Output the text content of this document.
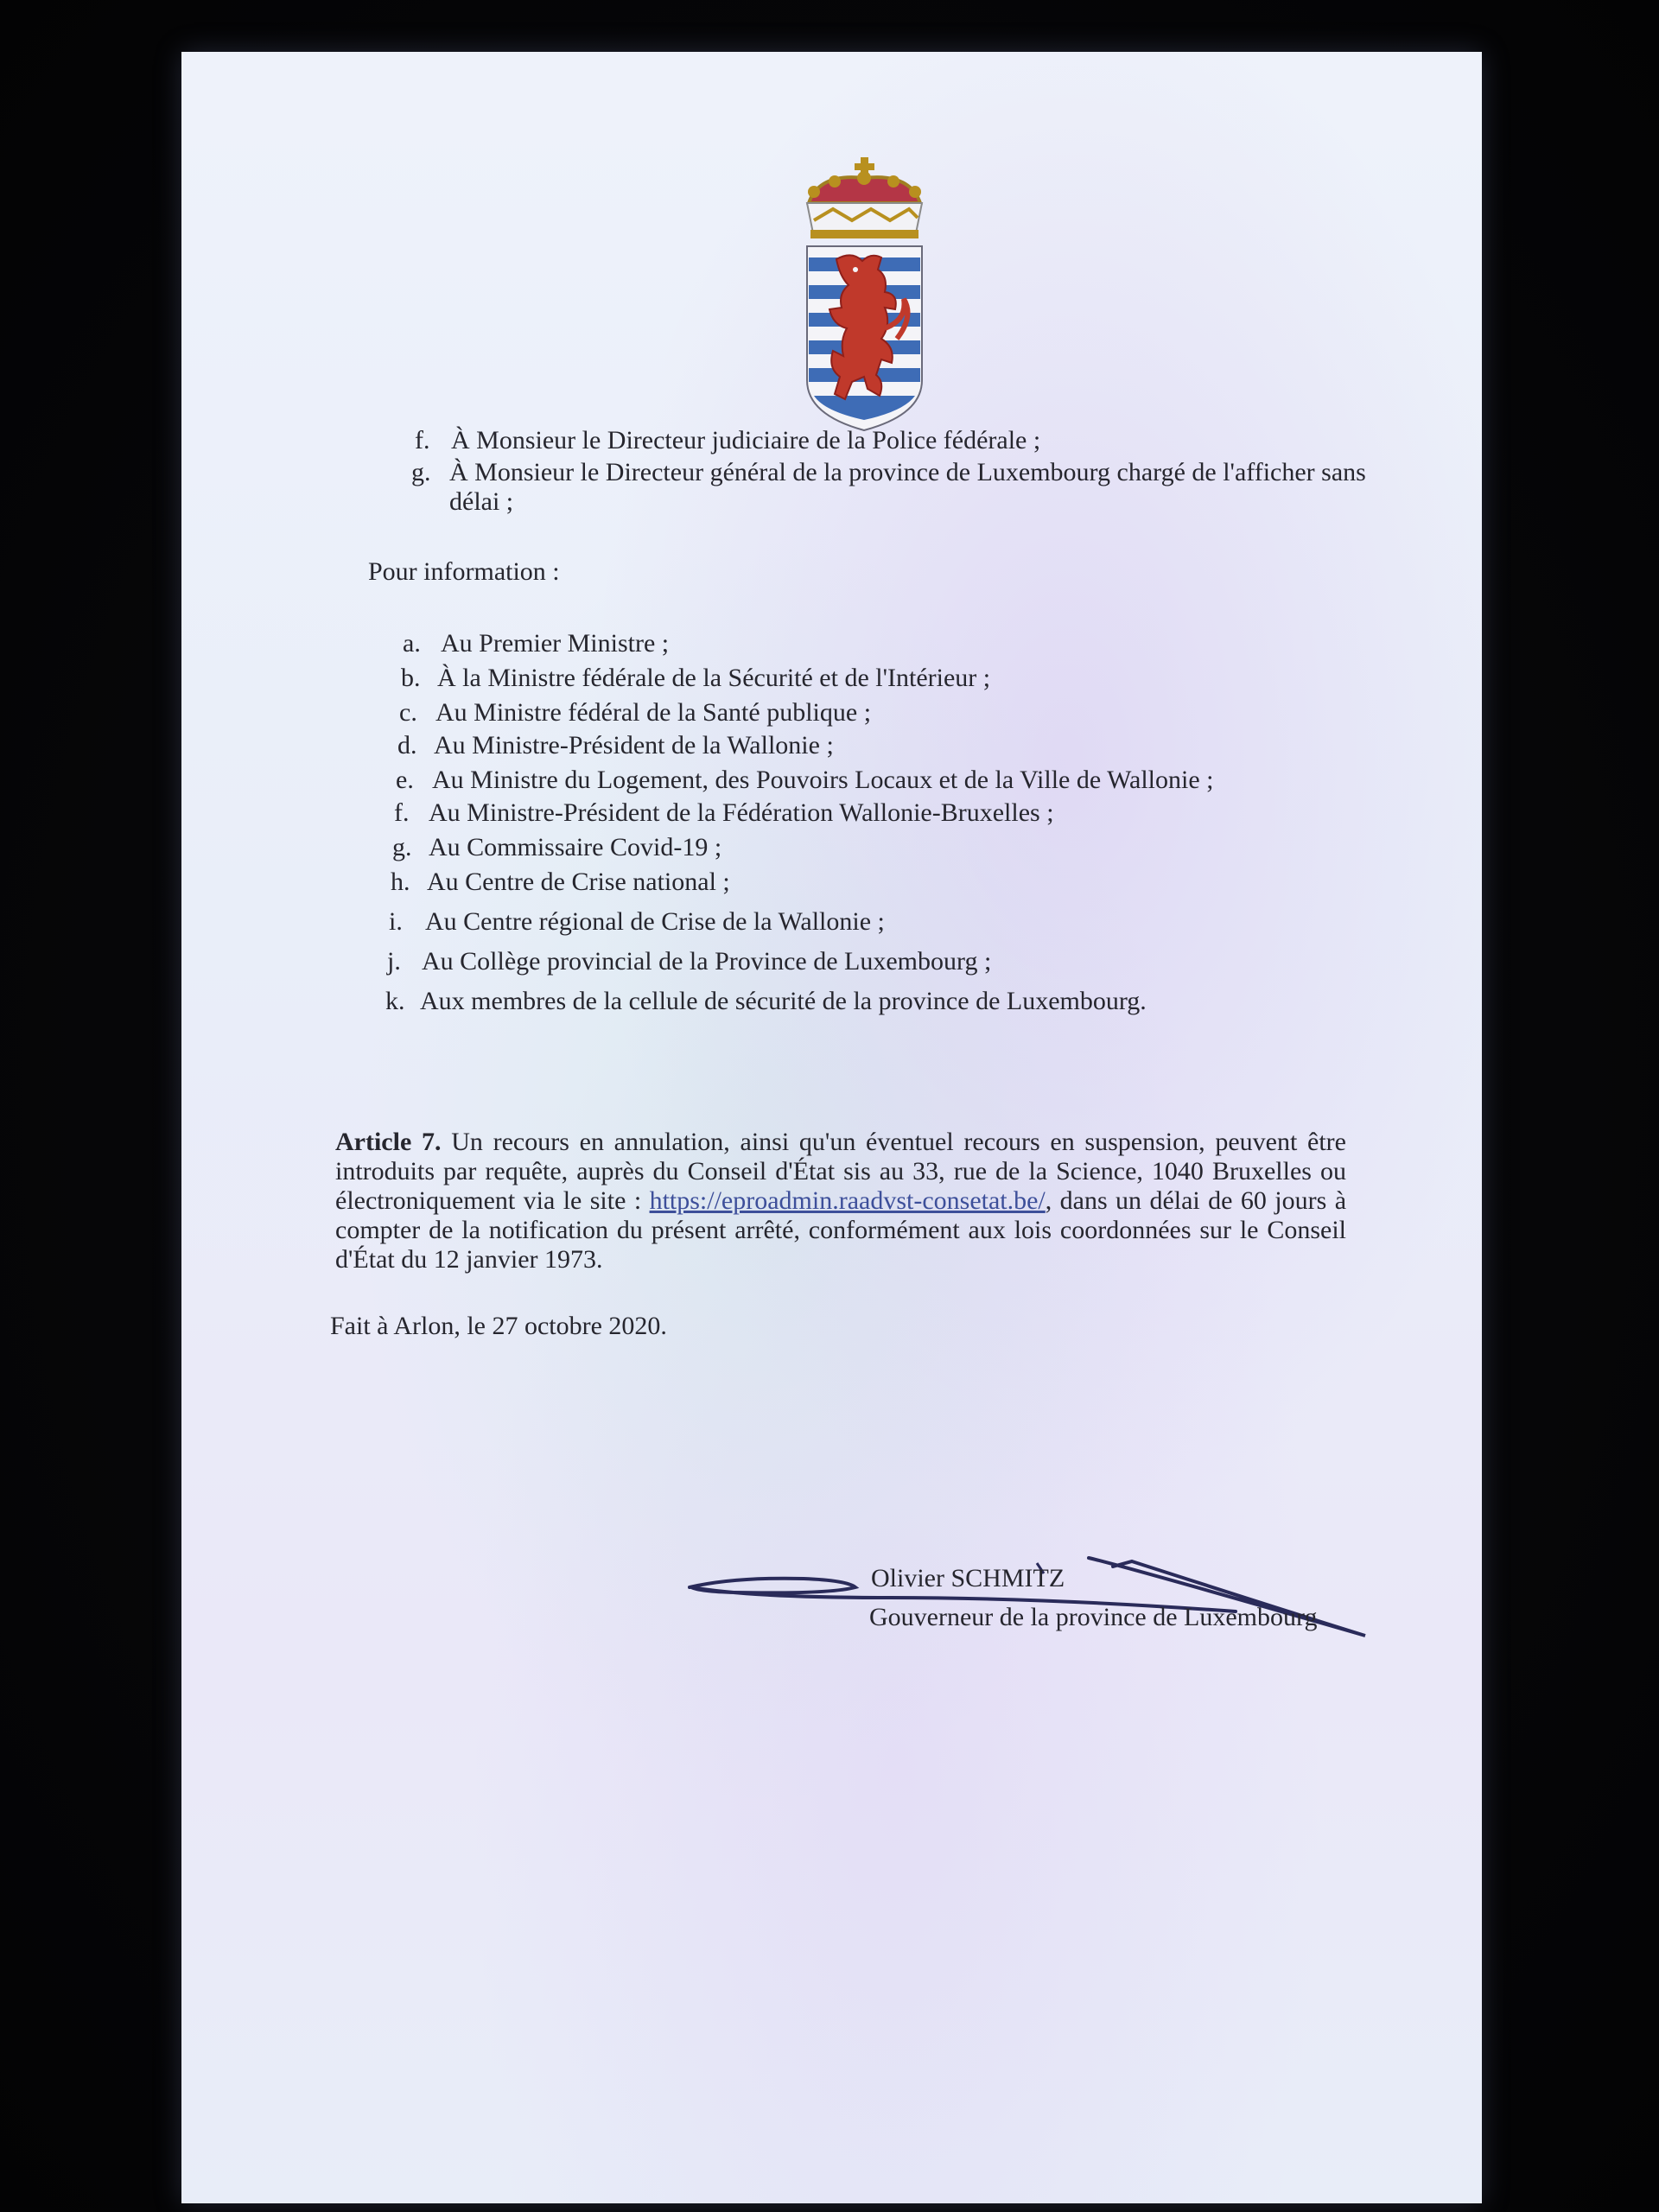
f. À Monsieur le Directeur judiciaire de la Police fédérale ;
g. À Monsieur le Directeur général de la province de Luxembourg chargé de l'afficher sans
délai ;
Pour information :
a. Au Premier Ministre ;
b. À la Ministre fédérale de la Sécurité et de l'Intérieur ;
c. Au Ministre fédéral de la Santé publique ;
d. Au Ministre-Président de la Wallonie ;
e. Au Ministre du Logement, des Pouvoirs Locaux et de la Ville de Wallonie ;
f. Au Ministre-Président de la Fédération Wallonie-Bruxelles ;
g. Au Commissaire Covid-19 ;
h. Au Centre de Crise national ;
i. Au Centre régional de Crise de la Wallonie ;
j. Au Collège provincial de la Province de Luxembourg ;
k. Aux membres de la cellule de sécurité de la province de Luxembourg.
Article 7. Un recours en annulation, ainsi qu'un éventuel recours en suspension, peuvent être introduits par requête, auprès du Conseil d'État sis au 33, rue de la Science, 1040 Bruxelles ou électroniquement via le site : https://eproadmin.raadvst-consetat.be/, dans un délai de 60 jours à compter de la notification du présent arrêté, conformément aux lois coordonnées sur le Conseil d'État du 12 janvier 1973.
Fait à Arlon, le 27 octobre 2020.
Olivier SCHMITZ
Gouverneur de la province de Luxembourg
